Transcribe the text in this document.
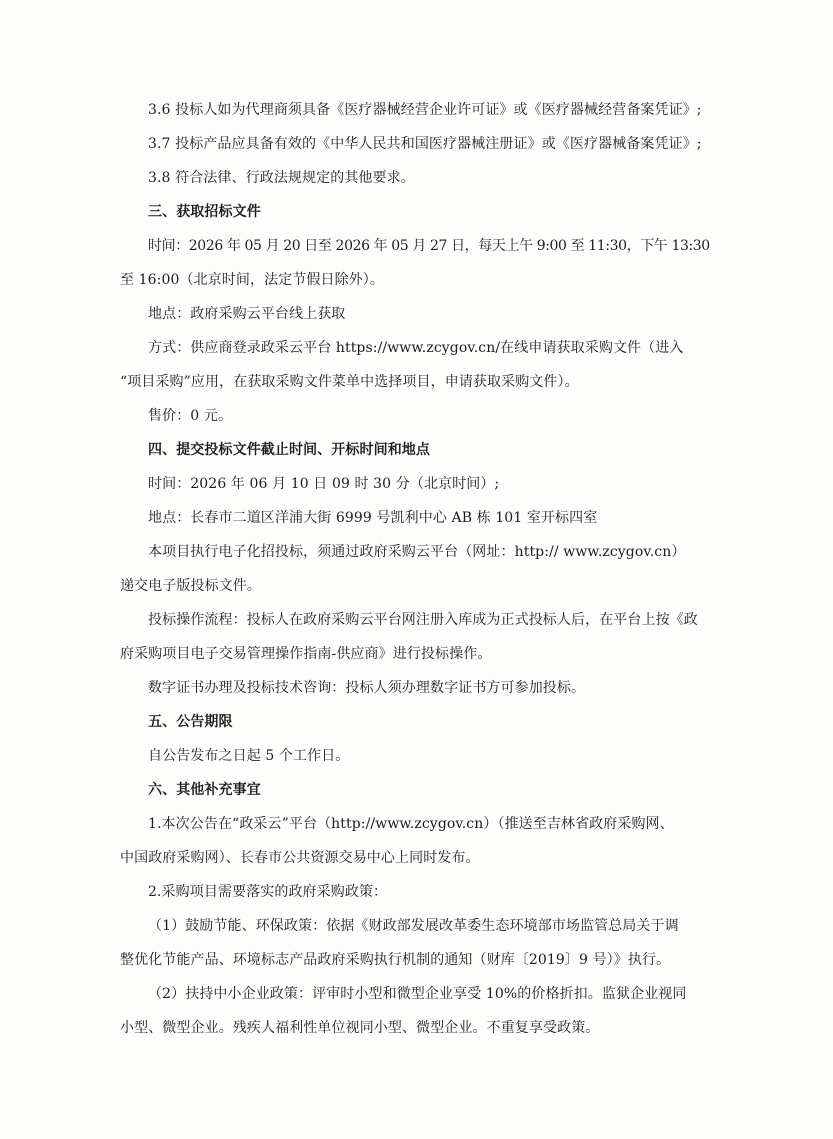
3.6 投标人如为代理商须具备《医疗器械经营企业许可证》或《医疗器械经营备案凭证》;

3.7 投标产品应具备有效的《中华人民共和国医疗器械注册证》或《医疗器械备案凭证》;

3.8 符合法律、行政法规规定的其他要求。

三、获取招标文件

时间：2026 年 05 月 20 日至 2026 年 05 月 27 日，每天上午 9:00 至 11:30，下午 13:30

至 16:00（北京时间，法定节假日除外）。

地点：政府采购云平台线上获取

方式：供应商登录政采云平台 https://www.zcygov.cn/在线申请获取采购文件（进入

“项目采购”应用，在获取采购文件菜单中选择项目，申请获取采购文件）。

售价：0 元。

四、提交投标文件截止时间、开标时间和地点

时间：2026 年 06 月 10 日 09 时 30 分（北京时间）;

地点：长春市二道区洋浦大街 6999 号凯利中心 AB 栋 101 室开标四室

本项目执行电子化招投标，须通过政府采购云平台（网址：http:// www.zcygov.cn）

递交电子版投标文件。

投标操作流程：投标人在政府采购云平台网注册入库成为正式投标人后，在平台上按《政

府采购项目电子交易管理操作指南-供应商》进行投标操作。

数字证书办理及投标技术咨询：投标人须办理数字证书方可参加投标。

五、公告期限

自公告发布之日起 5 个工作日。

六、其他补充事宜

1.本次公告在“政采云”平台（http://www.zcygov.cn）（推送至吉林省政府采购网、

中国政府采购网）、长春市公共资源交易中心上同时发布。

2.采购项目需要落实的政府采购政策：

（1）鼓励节能、环保政策：依据《财政部发展改革委生态环境部市场监管总局关于调

整优化节能产品、环境标志产品政府采购执行机制的通知（财库〔2019〕9 号）》执行。

（2）扶持中小企业政策：评审时小型和微型企业享受 10%的价格折扣。监狱企业视同

小型、微型企业。残疾人福利性单位视同小型、微型企业。不重复享受政策。
